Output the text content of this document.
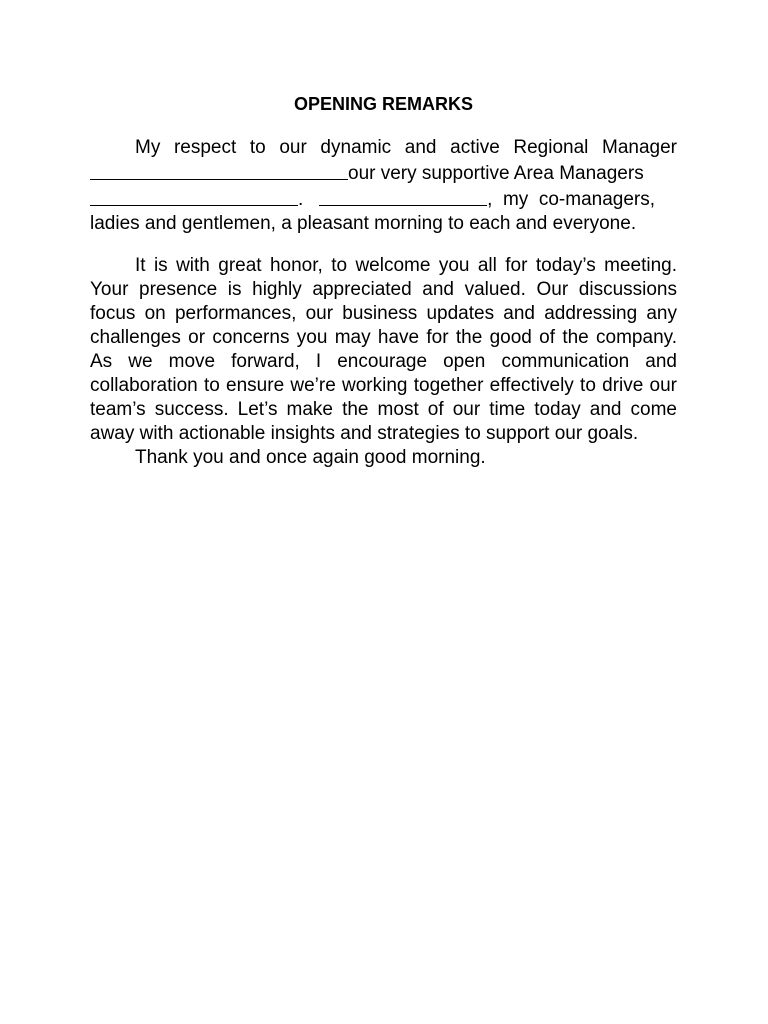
OPENING REMARKS
My respect to our dynamic and active Regional Manager
our very supportive Area Managers
.	,  my  co-managers,
ladies and gentlemen, a pleasant morning to each and everyone.

It is with great honor, to welcome you all for today’s meeting. Your presence is highly appreciated and valued. Our discussions focus on performances, our business updates and addressing any challenges or concerns you may have for the good of the company. As we move forward, I encourage open communication and collaboration to ensure we’re working together effectively to drive our team’s success. Let’s make the most of our time today and come away with actionable insights and strategies to support our goals.

Thank you and once again good morning.
